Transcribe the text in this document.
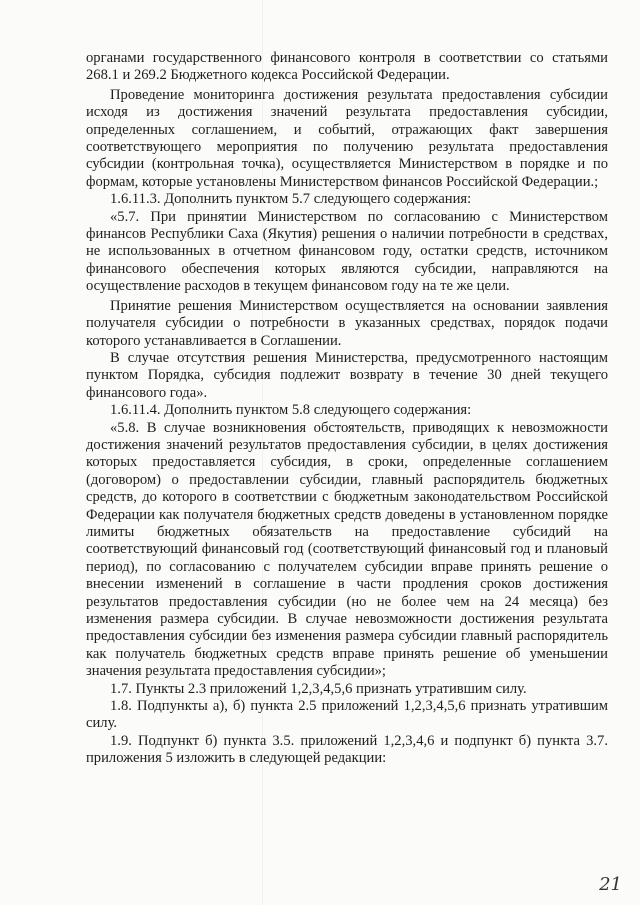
органами государственного финансового контроля в соответствии со статьями 268.1 и 269.2 Бюджетного кодекса Российской Федерации.

Проведение мониторинга достижения результата предоставления субсидии исходя из достижения значений результата предоставления субсидии, определенных соглашением, и событий, отражающих факт завершения соответствующего мероприятия по получению результата предоставления субсидии (контрольная точка), осуществляется Министерством в порядке и по формам, которые установлены Министерством финансов Российской Федерации.;

1.6.11.3. Дополнить пунктом 5.7 следующего содержания:

«5.7. При принятии Министерством по согласованию с Министерством финансов Республики Саха (Якутия) решения о наличии потребности в средствах, не использованных в отчетном финансовом году, остатки средств, источником финансового обеспечения которых являются субсидии, направляются на осуществление расходов в текущем финансовом году на те же цели.

Принятие решения Министерством осуществляется на основании заявления получателя субсидии о потребности в указанных средствах, порядок подачи которого устанавливается в Соглашении.

В случае отсутствия решения Министерства, предусмотренного настоящим пунктом Порядка, субсидия подлежит возврату в течение 30 дней текущего финансового года».

1.6.11.4. Дополнить пунктом 5.8 следующего содержания:

«5.8. В случае возникновения обстоятельств, приводящих к невозможности достижения значений результатов предоставления субсидии, в целях достижения которых предоставляется субсидия, в сроки, определенные соглашением (договором) о предоставлении субсидии, главный распорядитель бюджетных средств, до которого в соответствии с бюджетным законодательством Российской Федерации как получателя бюджетных средств доведены в установленном порядке лимиты бюджетных обязательств на предоставление субсидий на соответствующий финансовый год (соответствующий финансовый год и плановый период), по согласованию с получателем субсидии вправе принять решение о внесении изменений в соглашение в части продления сроков достижения результатов предоставления субсидии (но не более чем на 24 месяца) без изменения размера субсидии. В случае невозможности достижения результата предоставления субсидии без изменения размера субсидии главный распорядитель как получатель бюджетных средств вправе принять решение об уменьшении значения результата предоставления субсидии»;

1.7. Пункты 2.3 приложений 1,2,3,4,5,6 признать утратившим силу.

1.8. Подпункты а), б) пункта 2.5 приложений 1,2,3,4,5,6 признать утратившим силу.

1.9. Подпункт б) пункта 3.5. приложений 1,2,3,4,6 и подпункт б) пункта 3.7. приложения 5 изложить в следующей редакции:

21
